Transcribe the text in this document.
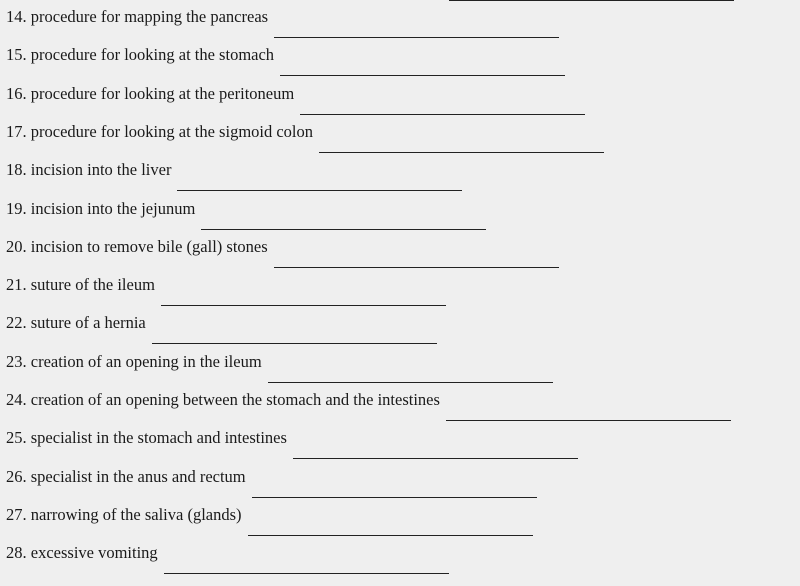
14. procedure for mapping the pancreas
15. procedure for looking at the stomach
16. procedure for looking at the peritoneum
17. procedure for looking at the sigmoid colon
18. incision into the liver
19. incision into the jejunum
20. incision to remove bile (gall) stones
21. suture of the ileum
22. suture of a hernia
23. creation of an opening in the ileum
24. creation of an opening between the stomach and the intestines
25. specialist in the stomach and intestines
26. specialist in the anus and rectum
27. narrowing of the saliva (glands)
28. excessive vomiting
